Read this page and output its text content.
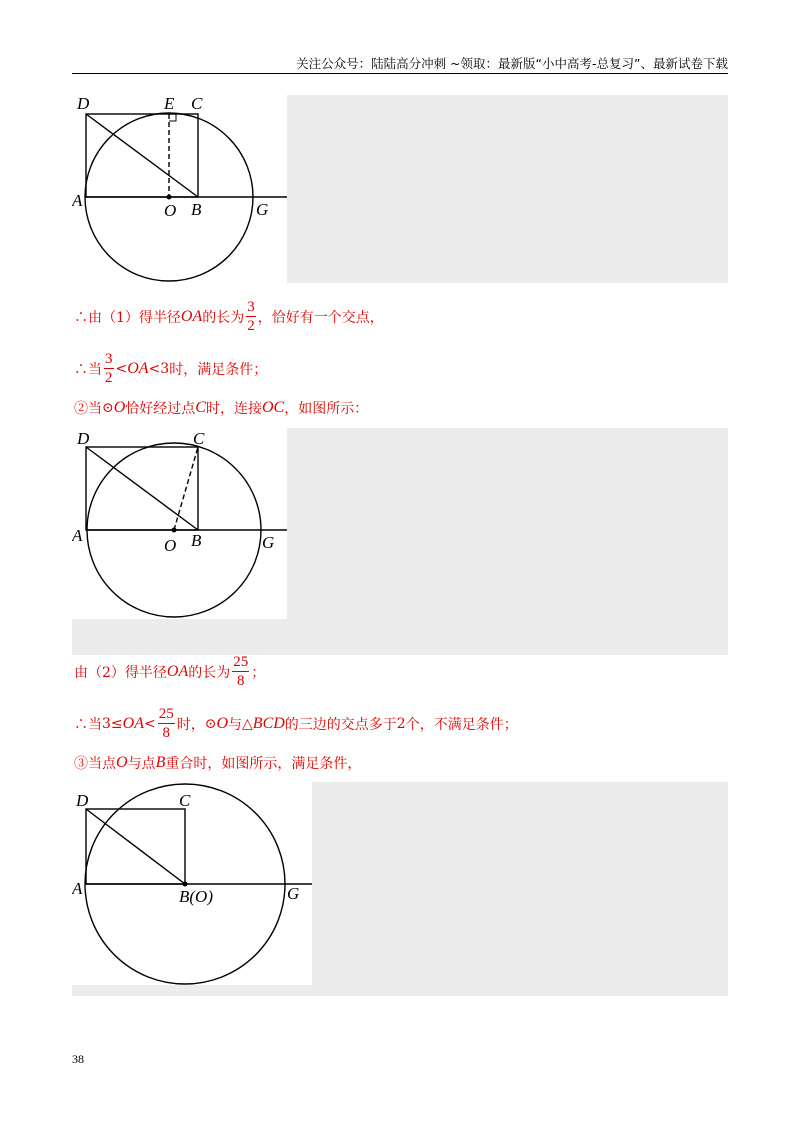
关注公众号：陆陆高分冲刺 ~领取：最新版“小中高考-总复习”、最新试卷下载
D	E C
A
O B	G
∴由（1）得半径 OA 的长为 $\frac{3}{2}$ ，恰好有一个交点，
∴当 $\frac{3}{2}$ < OA < 3 时，满足条件；
②当 ⊙ O 恰好经过点 C 时，连接 OC ，如图所示：
D	C
A
O B	G
由（2）得半径 OA 的长为 $\frac{25}{8}$ ；
∴当 3 ≤ OA < $\frac{25}{8}$ 时， ⊙ O 与 △ BCD 的三边的交点多于 2 个，不满足条件；
③当点 O 与点 B 重合时，如图所示，满足条件，
D	C
A	B(O)	G
38
